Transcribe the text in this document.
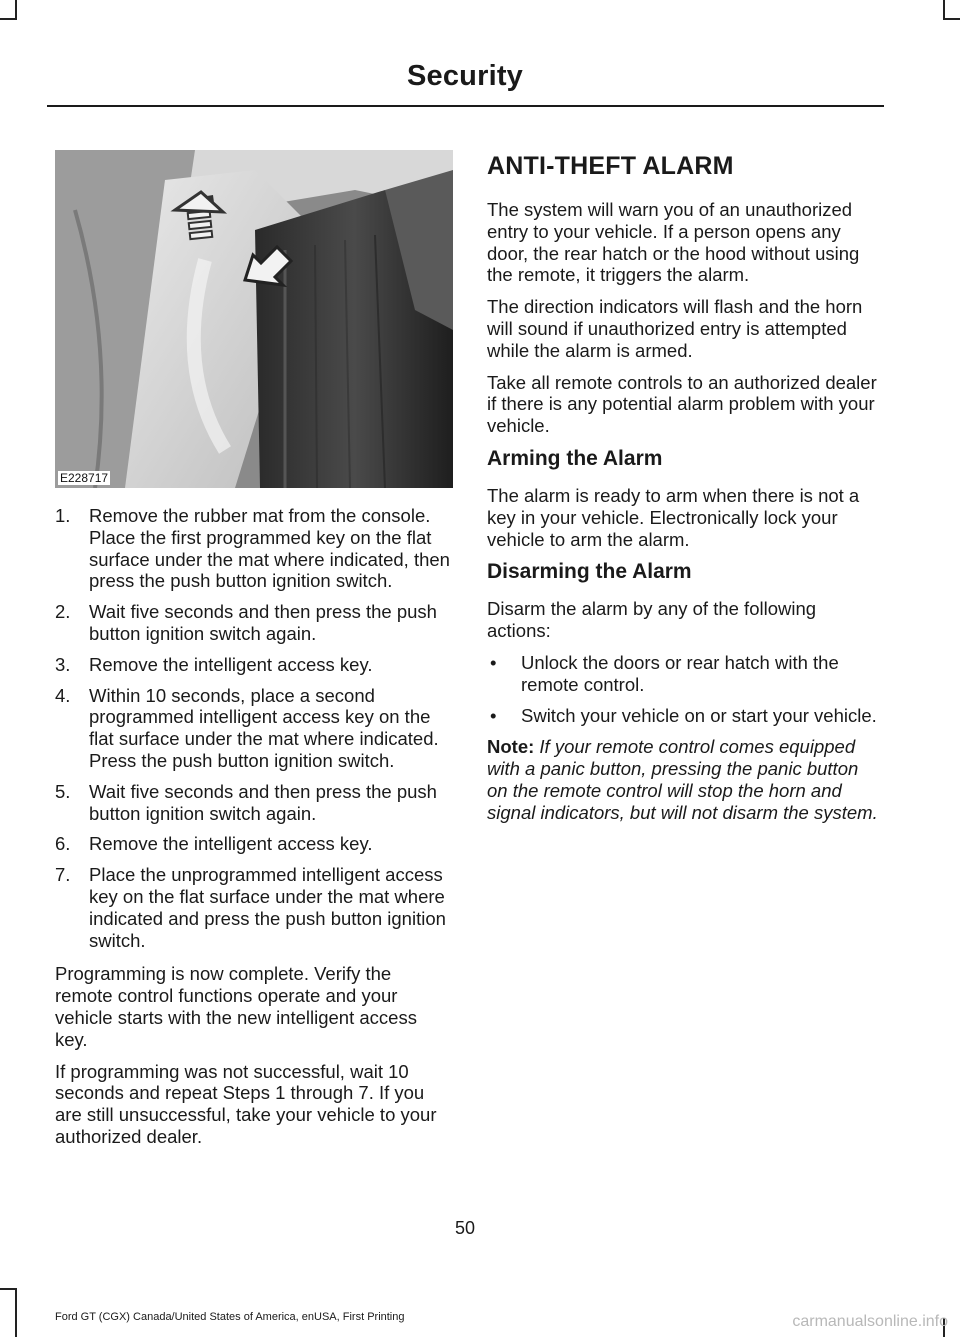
Security
E228717
1. Remove the rubber mat from the console. Place the first programmed key on the flat surface under the mat where indicated, then press the push button ignition switch.
2. Wait five seconds and then press the push button ignition switch again.
3. Remove the intelligent access key.
4. Within 10 seconds, place a second programmed intelligent access key on the flat surface under the mat where indicated. Press the push button ignition switch.
5. Wait five seconds and then press the push button ignition switch again.
6. Remove the intelligent access key.
7. Place the unprogrammed intelligent access key on the flat surface under the mat where indicated and press the push button ignition switch.

Programming is now complete. Verify the remote control functions operate and your vehicle starts with the new intelligent access key.

If programming was not successful, wait 10 seconds and repeat Steps 1 through 7. If you are still unsuccessful, take your vehicle to your authorized dealer.

ANTI-THEFT ALARM

The system will warn you of an unauthorized entry to your vehicle. If a person opens any door, the rear hatch or the hood without using the remote, it triggers the alarm.

The direction indicators will flash and the horn will sound if unauthorized entry is attempted while the alarm is armed.

Take all remote controls to an authorized dealer if there is any potential alarm problem with your vehicle.

Arming the Alarm

The alarm is ready to arm when there is not a key in your vehicle. Electronically lock your vehicle to arm the alarm.

Disarming the Alarm

Disarm the alarm by any of the following actions:

• Unlock the doors or rear hatch with the remote control.
• Switch your vehicle on or start your vehicle.

Note: If your remote control comes equipped with a panic button, pressing the panic button on the remote control will stop the horn and signal indicators, but will not disarm the system.

50
Ford GT (CGX) Canada/United States of America, enUSA, First Printing	carmanualsonline.info
